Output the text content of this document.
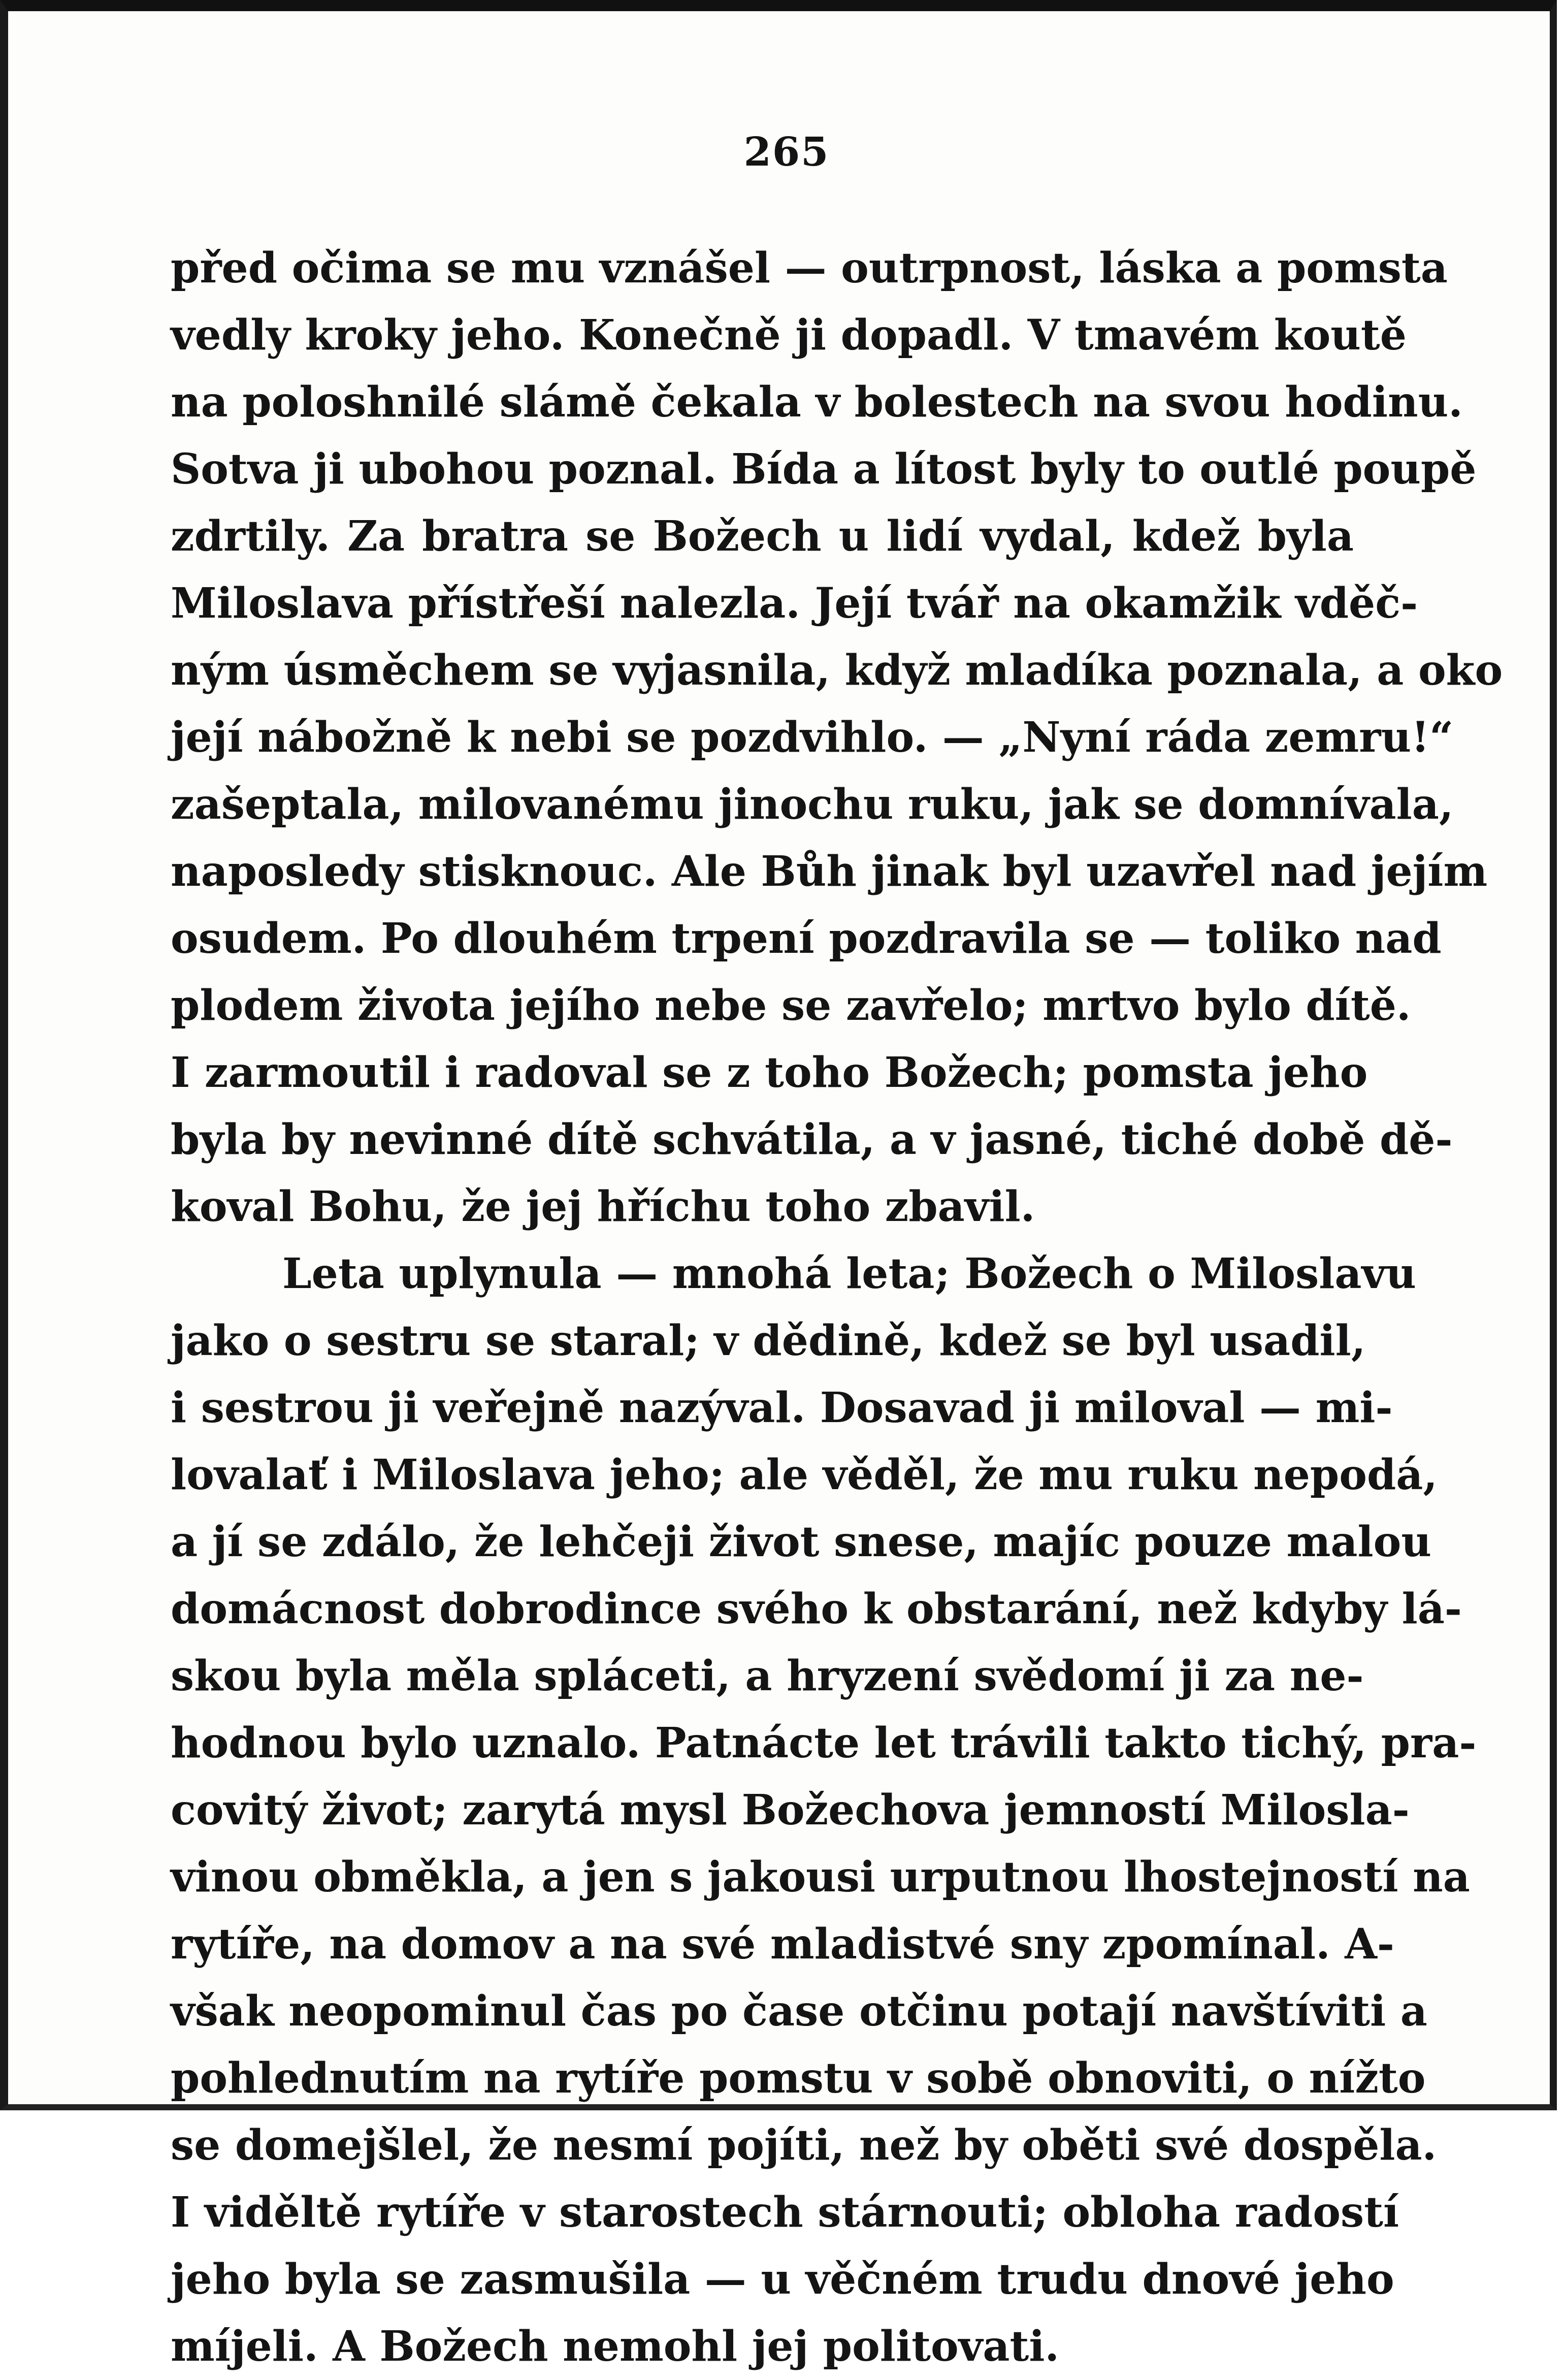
265
před očima se mu vznášel — outrpnost, láska a pomsta
vedly kroky jeho. Konečně ji dopadl. V tmavém koutě
na poloshnilé slámě čekala v bolestech na svou hodinu.
Sotva ji ubohou poznal. Bída a lítost byly to outlé poupě
zdrtily. Za bratra se Božech u lidí vydal, kdež byla
Miloslava přístřeší nalezla. Její tvář na okamžik vděč-
ným úsměchem se vyjasnila, když mladíka poznala, a oko
její nábožně k nebi se pozdvihlo. — „Nyní ráda zemru!“
zašeptala, milovanému jinochu ruku, jak se domnívala,
naposledy stisknouc. Ale Bůh jinak byl uzavřel nad jejím
osudem. Po dlouhém trpení pozdravila se — toliko nad
plodem života jejího nebe se zavřelo; mrtvo bylo dítě.
I zarmoutil i radoval se z toho Božech; pomsta jeho
byla by nevinné dítě schvátila, a v jasné, tiché době dě-
koval Bohu, že jej hříchu toho zbavil.
Leta uplynula — mnohá leta; Božech o Miloslavu
jako o sestru se staral; v dědině, kdež se byl usadil,
i sestrou ji veřejně nazýval. Dosavad ji miloval — mi-
lovalať i Miloslava jeho; ale věděl, že mu ruku nepodá,
a jí se zdálo, že lehčeji život snese, majíc pouze malou
domácnost dobrodince svého k obstarání, než kdyby lá-
skou byla měla spláceti, a hryzení svědomí ji za ne-
hodnou bylo uznalo. Patnácte let trávili takto tichý, pra-
covitý život; zarytá mysl Božechova jemností Milosla-
vinou obměkla, a jen s jakousi urputnou lhostejností na
rytíře, na domov a na své mladistvé sny zpomínal. A-
však neopominul čas po čase otčinu potají navštíviti a
pohlednutím na rytíře pomstu v sobě obnoviti, o nížto
se domejšlel, že nesmí pojíti, než by oběti své dospěla.
I viděltě rytíře v starostech stárnouti; obloha radostí
jeho byla se zasmušila — u věčném trudu dnové jeho
míjeli. A Božech nemohl jej politovati.
